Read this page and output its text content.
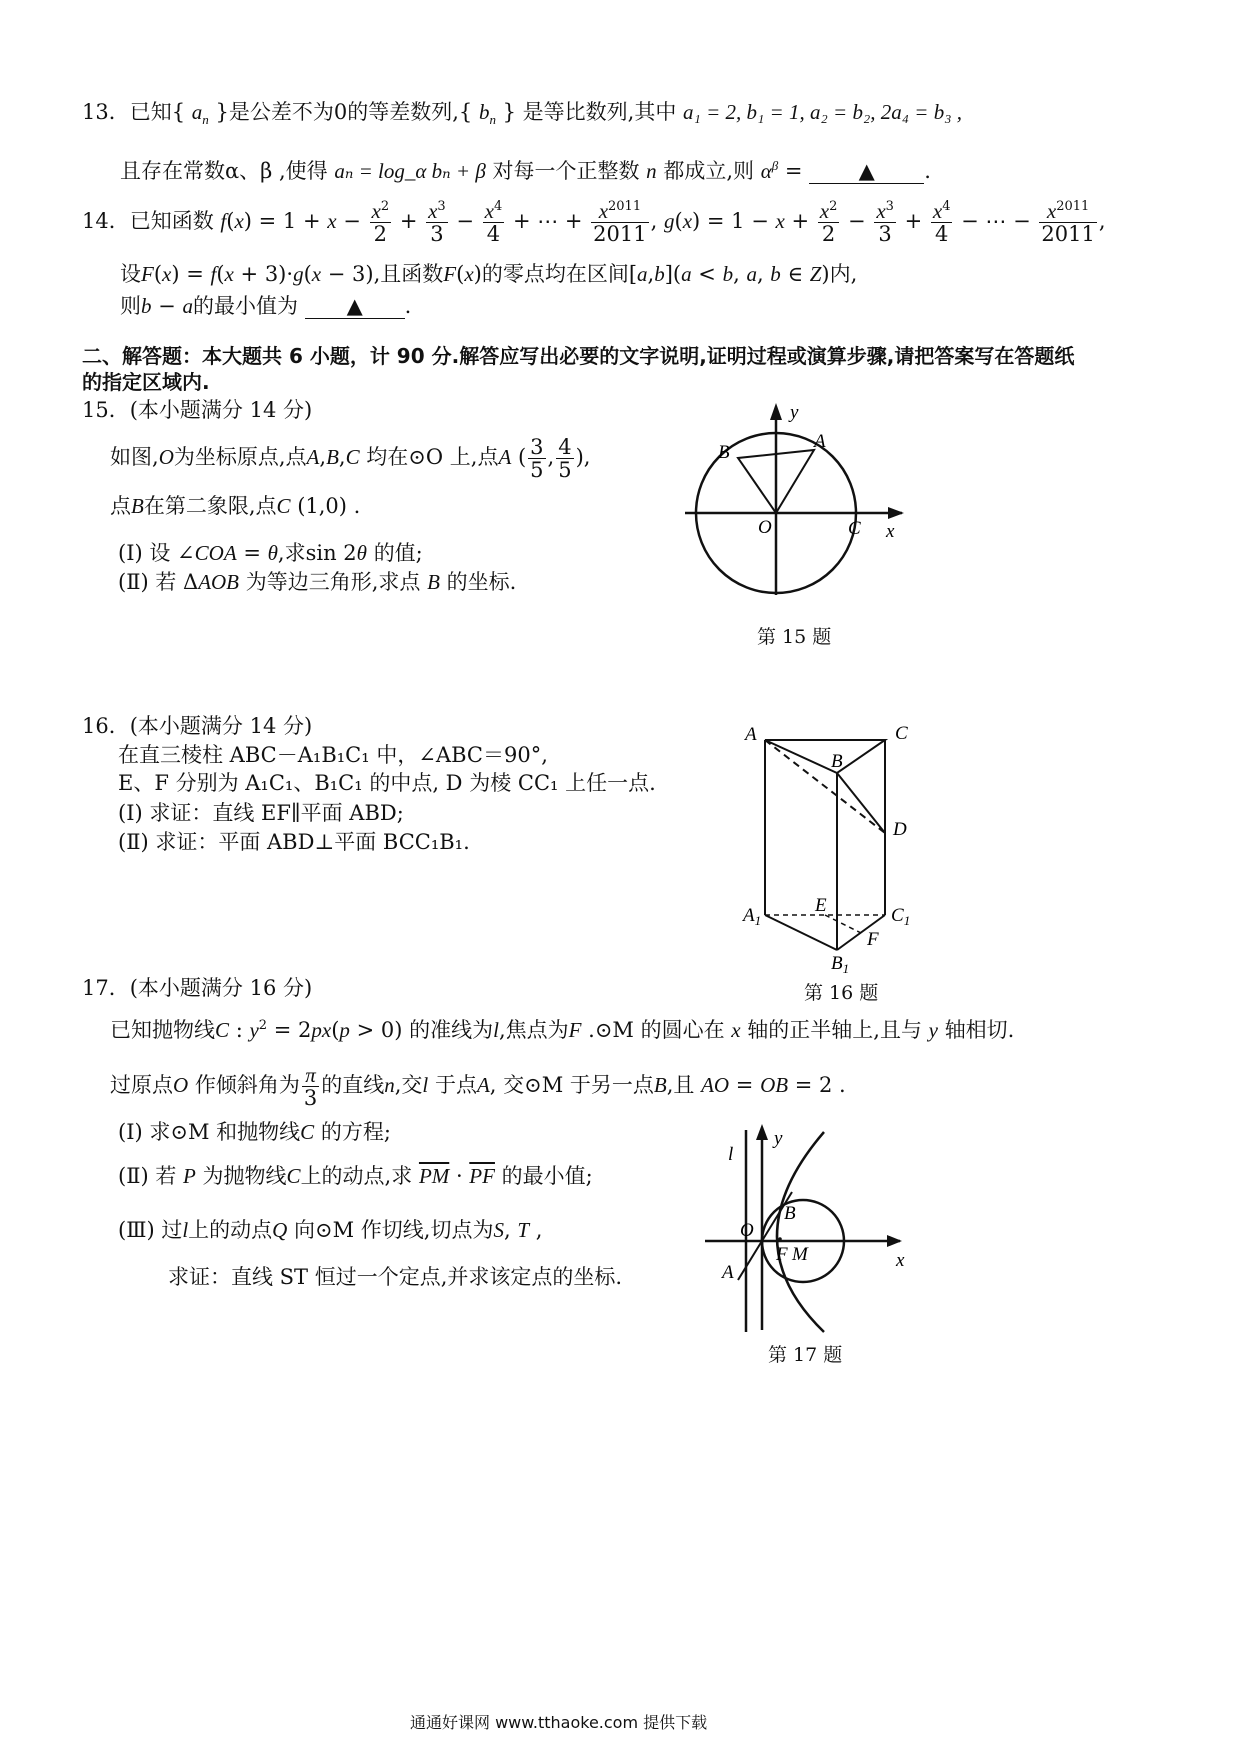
13．已知{ $a_n$ }是公差不为0的等差数列,{ $b_n$ } 是等比数列,其中 a₁ = 2, b₁ = 1, a₂ = b₂, 2a₄ = b₃ ,
且存在常数α、β ,使得 aₙ = log_α bₙ + β 对每一个正整数 n 都成立,则 $\alpha^\beta$ = ▲ .
14．已知函数 $f(x) = 1 + x - \frac{x^2}{2} + \frac{x^3}{3} - \frac{x^4}{4}$ + ⋯ + $\frac{x^{2011}}{2011}$ , $g(x) = 1 - x + \frac{x^2}{2} - \frac{x^3}{3} + \frac{x^4}{4}$ − ⋯ − $\frac{x^{2011}}{2011}$ ,
设F(x) = f(x + 3)·g(x − 3),且函数F(x)的零点均在区间[a,b](a < b, a, b ∈ Z)内,
则b − a的最小值为 ▲ .
二、解答题：本大题共 6 小题，计 90 分.解答应写出必要的文字说明,证明过程或演算步骤,请把答案写在答题纸
的指定区域内.
15．(本小题满分 14 分)
如图,O为坐标原点,点A,B,C 均在⊙O 上,点A ( $\frac{3}{5}$ , $\frac{4}{5}$ ),
点B在第二象限,点C (1,0) .
(Ⅰ) 设 ∠COA = θ,求sin 2θ 的值;
(Ⅱ) 若 ΔAOB 为等边三角形,求点 B 的坐标.
y
A
B
O	C x
第 15 题
16．(本小题满分 14 分)
在直三棱柱 ABC－A₁B₁C₁ 中，∠ABC＝90°,
E、F 分别为 A₁C₁、B₁C₁ 的中点, D 为棱 CC₁ 上任一点.
(Ⅰ) 求证：直线 EF∥平面 ABD;
(Ⅱ) 求证：平面 ABD⊥平面 BCC₁B₁.
A	C
B
D
$A_1$
E	$C_1$
F
$B_1$
第 16 题
17．(本小题满分 16 分)
已知抛物线C : $y^2 = 2px(p > 0)$ 的准线为l,焦点为F .⊙M 的圆心在 x 轴的正半轴上,且与 y 轴相切.
过原点O 作倾斜角为 $\frac{\pi}{3}$ 的直线n,交l 于点A, 交⊙M 于另一点B,且 AO = OB = 2 .
(Ⅰ) 求⊙M 和抛物线C 的方程;
(Ⅱ) 若 P 为抛物线C上的动点,求 $\overline{PM} \cdot \overline{PF}$ 的最小值;
(Ⅲ) 过l上的动点Q 向⊙M 作切线,切点为S, T ,
求证：直线 ST 恒过一个定点,并求该定点的坐标.
y
l
B
O
F M
A
x
第 17 题
通通好课网 www.tthaoke.com 提供下载
